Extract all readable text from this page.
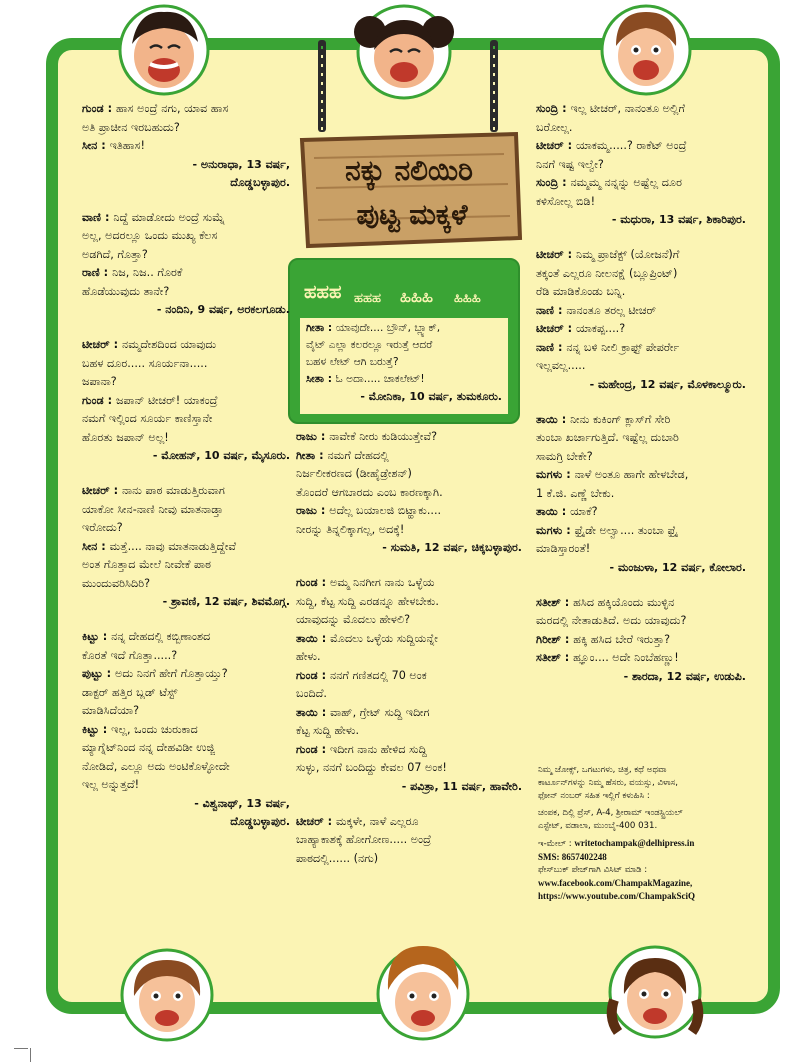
ನಕ್ಕು ನಲಿಯಿರಿ
ಪುಟ್ಟ ಮಕ್ಕಳೆ
ಹಹಹ ಹಹಹ ಹಿಹಿಹಿ ಹಿಹಿಹಿ
ಗೀತಾ : ಯಾವುದೇ.... ಬ್ರೌನ್, ಬ್ಲ್ಯಾಕ್,
ವೈಟ್ ಎಲ್ಲಾ ಕಲರಲ್ಲೂ ಇರುತ್ತೆ ಆದರೆ
ಬಹಳ ಲೇಟ್ ಆಗಿ ಬರುತ್ತೆ?
ಸೀತಾ : ಓ ಅದಾ..... ಚಾಕಲೇಟ್!
- ಮೋನಿಕಾ, 10 ವರ್ಷ, ತುಮಕೂರು.
ಗುಂಡ : ಹಾಸ ಅಂದ್ರೆ ನಗು, ಯಾವ ಹಾಸ
ಅತಿ ಪ್ರಾಚೀನ ಇರಬಹುದು?
ಸೀನ : ಇತಿಹಾಸ!
- ಅನುರಾಧಾ, 13 ವರ್ಷ,
ದೊಡ್ಡಬಳ್ಳಾಪುರ.
ವಾಣಿ : ನಿದ್ದೆ ಮಾಡೋದು ಅಂದ್ರೆ ಸುಮ್ನೆ
ಅಲ್ಲ, ಅದರಲ್ಲೂ ಒಂದು ಮುಖ್ಯ ಕೆಲಸ
ಅಡಗಿದೆ, ಗೊತ್ತಾ?
ರಾಣಿ : ನಿಜ, ನಿಜ.. ಗೊರಕೆ
ಹೊಡೆಯುವುದು ತಾನೇ?
- ನಂದಿನಿ, 9 ವರ್ಷ, ಅರಕಲಗೂಡು.
ಟೀಚರ್ : ನಮ್ಮದೇಶದಿಂದ ಯಾವುದು
ಬಹಳ ದೂರ..... ಸೂರ್ಯನಾ.....
ಜಪಾನಾ?
ಗುಂಡ : ಜಪಾನ್ ಟೀಚರ್! ಯಾಕಂದ್ರೆ
ನಮಗೆ ಇಲ್ಲಿಂದ ಸೂರ್ಯ ಕಾಣಿಸ್ತಾನೇ
ಹೊರತು ಜಪಾನ್ ಅಲ್ಲ!
- ಮೋಹನ್, 10 ವರ್ಷ, ಮೈಸೂರು.
ಟೀಚರ್ : ನಾನು ಪಾಠ ಮಾಡುತ್ತಿರುವಾಗ
ಯಾಕೋ ಸೀನ-ನಾಣಿ ನೀವು ಮಾತನಾಡ್ತಾ
ಇರೋದು?
ಸೀನ : ಮತ್ತೆ.... ನಾವು ಮಾತನಾಡುತ್ತಿದ್ದೇವೆ
ಅಂತ ಗೊತ್ತಾದ ಮೇಲೆ ನೀವೇಕೆ ಪಾಠ
ಮುಂದುವರಿಸಿದಿರಿ?
- ಶ್ರಾವಣಿ, 12 ವರ್ಷ, ಶಿವಮೊಗ್ಗ.
ಕಿಟ್ಟು : ನನ್ನ ದೇಹದಲ್ಲಿ ಕಬ್ಬಿಣಾಂಶದ
ಕೊರತೆ ಇದೆ ಗೊತ್ತಾ.....?
ಪುಟ್ಟು : ಅದು ನಿನಗೆ ಹೇಗೆ ಗೊತ್ತಾಯ್ತು?
ಡಾಕ್ಟರ್ ಹತ್ತಿರ ಬ್ಲಡ್ ಟೆಸ್ಟ್
ಮಾಡಿಸಿದೆಯಾ?
ಕಿಟ್ಟು : ಇಲ್ಲ, ಒಂದು ಚುರುಕಾದ
ಮ್ಯಾಗ್ನೆಟ್‌ನಿಂದ ನನ್ನ ದೇಹವಿಡೀ ಉಜ್ಜಿ
ನೋಡಿದೆ, ಎಲ್ಲೂ ಅದು ಅಂಟಿಕೊಳ್ಳೋದೇ
ಇಲ್ಲ ಅನ್ನುತ್ತದೆ!
- ವಿಶ್ವನಾಥ್, 13 ವರ್ಷ,
ದೊಡ್ಡಬಳ್ಳಾಪುರ.
ರಾಜು : ನಾವೇಕೆ ನೀರು ಕುಡಿಯುತ್ತೇವೆ?
ಗೀತಾ : ನಮಗೆ ದೇಹದಲ್ಲಿ
ನಿರ್ಜಲೀಕರಣದ (ಡೀಹೈಡ್ರೇಶನ್)
ತೊಂದರೆ ಆಗಬಾರದು ಎಂಬ ಕಾರಣಕ್ಕಾಗಿ.
ರಾಜು : ಅದೆಲ್ಲ ಬಯಾಲಜಿ ಬಿಟ್ಹಾಕು....
ನೀರನ್ನು ತಿನ್ನಲಿಕ್ಕಾಗಲ್ಲ, ಅದಕ್ಕೆ!
- ಸುಮತಿ, 12 ವರ್ಷ, ಚಿಕ್ಕಬಳ್ಳಾಪುರ.
ಗುಂಡ : ಅಮ್ಮ ನಿನಗೀಗ ನಾನು ಒಳ್ಳೆಯ
ಸುದ್ದಿ, ಕೆಟ್ಟ ಸುದ್ದಿ ಎರಡನ್ನೂ ಹೇಳಬೇಕು.
ಯಾವುದನ್ನು ಮೊದಲು ಹೇಳಲಿ?
ತಾಯಿ : ಮೊದಲು ಒಳ್ಳೆಯ ಸುದ್ದಿಯನ್ನೇ
ಹೇಳು.
ಗುಂಡ : ನನಗೆ ಗಣಿತದಲ್ಲಿ 70 ಅಂಕ
ಬಂದಿದೆ.
ತಾಯಿ : ವಾಹ್, ಗ್ರೇಟ್ ಸುದ್ದಿ ಇದೀಗ
ಕೆಟ್ಟ ಸುದ್ದಿ ಹೇಳು.
ಗುಂಡ : ಇದೀಗ ನಾನು ಹೇಳಿದ ಸುದ್ದಿ
ಸುಳ್ಳು, ನನಗೆ ಬಂದಿದ್ದು ಕೇವಲ 07 ಅಂಕ!
- ಪವಿತ್ರಾ, 11 ವರ್ಷ, ಹಾವೇರಿ.
ಟೀಚರ್ : ಮಕ್ಕಳೇ, ನಾಳೆ ಎಲ್ಲರೂ
ಬಾಹ್ಯಾಕಾಶಕ್ಕೆ ಹೋಗೋಣ..... ಅಂದ್ರೆ
ಪಾಠದಲ್ಲಿ...... (ನಗು)
ಸುಂದ್ರಿ : ಇಲ್ಲ ಟೀಚರ್, ನಾನಂತೂ ಅಲ್ಲಿಗೆ
ಬರೋಲ್ಲ.
ಟೀಚರ್ : ಯಾಕಮ್ಮ.....? ರಾಕೆಟ್ ಅಂದ್ರೆ
ನಿನಗೆ ಇಷ್ಟ ಇಲ್ವೇ?
ಸುಂದ್ರಿ : ನಮ್ಮಮ್ಮ ನನ್ನನ್ನು ಅಷ್ಟೆಲ್ಲ ದೂರ
ಕಳಿಸೋಲ್ಲ ಬಿಡಿ!
- ಮಧುರಾ, 13 ವರ್ಷ, ಶಿಕಾರಿಪುರ.
ಟೀಚರ್ : ನಿಮ್ಮ ಪ್ರಾಜೆಕ್ಟ್ (ಯೋಜನೆ)ಗೆ
ತಕ್ಕಂತೆ ಎಲ್ಲರೂ ನೀಲನಕ್ಷೆ (ಬ್ಲೂಪ್ರಿಂಟ್)
ರೆಡಿ ಮಾಡಿಕೊಂಡು ಬನ್ನಿ.
ನಾಣಿ : ನಾನಂತೂ ತರಲ್ಲ ಟೀಚರ್
ಟೀಚರ್ : ಯಾಕಪ್ಪ....?
ನಾಣಿ : ನನ್ನ ಬಳಿ ನೀಲಿ ಕ್ರಾಫ್ಟ್ ಪೇಪರ್ರೇ
ಇಲ್ಲವಲ್ಲ.....
- ಮಹೇಂದ್ರ, 12 ವರ್ಷ, ಮೊಳಕಾಲ್ಮೂರು.
ತಾಯಿ : ನೀನು ಕುಕಿಂಗ್ ಕ್ಲಾಸ್‌ಗೆ ಸೇರಿ
ತುಂಬಾ ಖರ್ಚಾಗುತ್ತಿದೆ. ಇಷ್ಟೆಲ್ಲ ದುಬಾರಿ
ಸಾಮಗ್ರಿ ಬೇಕೇ?
ಮಗಳು : ನಾಳೆ ಅಂತೂ ಹಾಗೇ ಹೇಳಬೇಡ,
1 ಕೆ.ಜಿ. ಎಣ್ಣೆ ಬೇಕು.
ತಾಯಿ : ಯಾಕೆ?
ಮಗಳು : ಫ್ರೈಡೇ ಅಲ್ವಾ.... ತುಂಬಾ ಫ್ರೈ
ಮಾಡಿಸ್ತಾರಂತೆ!
- ಮಂಜುಳಾ, 12 ವರ್ಷ, ಕೋಲಾರ.
ಸತೀಶ್ : ಹಸಿದ ಹಕ್ಕಿಯೊಂದು ಮುಳ್ಳಿನ
ಮರದಲ್ಲಿ ನೇತಾಡುತಿದೆ. ಅದು ಯಾವುದು?
ಗಿರೀಶ್ : ಹಕ್ಕಿ ಹಸಿದ ಬೇರೆ ಇರುತ್ತಾ?
ಸತೀಶ್ : ಹ್ಞೂಂ.... ಅದೇ ನಿಂಬೆಹಣ್ಣು!
- ಶಾರದಾ, 12 ವರ್ಷ, ಉಡುಪಿ.
ನಿಮ್ಮ ಜೋಕ್ಸ್, ಒಗಟುಗಳು, ಚಿತ್ರ, ಕಥೆ ಅಥವಾ
ಕಾರ್ಟೂನ್‌ಗಳನ್ನು ನಿಮ್ಮ ಹೆಸರು, ವಯಸ್ಸು, ವಿಳಾಸ,
ಫೋನ್ ನಂಬರ್ ಸಹಿತ ಇಲ್ಲಿಗೆ ಕಳುಹಿಸಿ :
ಚಂಪಕ, ದಿಲ್ಲಿ ಪ್ರೆಸ್, A-4, ಶ್ರೀರಾಮ್ ಇಂಡಸ್ಟ್ರಿಯಲ್
ಎಸ್ಟೇಟ್, ವಡಾಲಾ, ಮುಂಬೈ-400 031.
ಇ-ಮೇಲ್ : writetochampak@delhipress.in
SMS: 8657402248
ಫೇಸ್‌ಬುಕ್ ಪೇಜ್‌ಗಾಗಿ ವಿಸಿಟ್ ಮಾಡಿ :
www.facebook.com/ChampakMagazine,
https://www.youtube.com/ChampakSciQ
